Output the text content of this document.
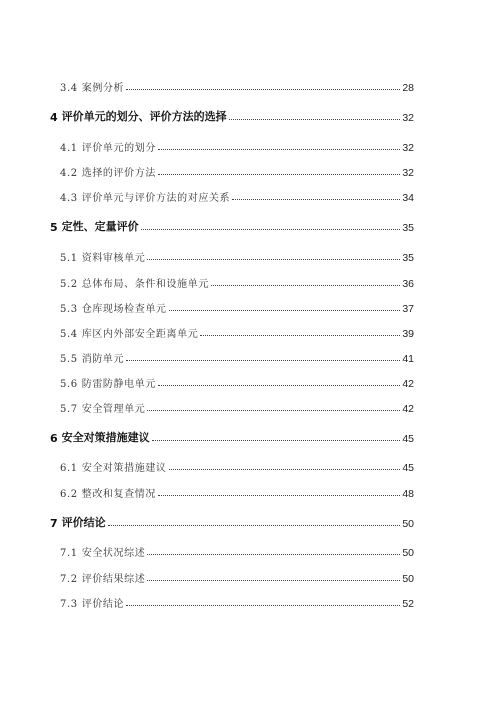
3.4 案例分析	28
4 评价单元的划分、评价方法的选择	32
4.1 评价单元的划分	32
4.2 选择的评价方法	32
4.3 评价单元与评价方法的对应关系	34
5 定性、定量评价	35
5.1 资料审核单元	35
5.2 总体布局、条件和设施单元	36
5.3 仓库现场检查单元	37
5.4 库区内外部安全距离单元	39
5.5 消防单元	41
5.6 防雷防静电单元	42
5.7 安全管理单元	42
6 安全对策措施建议	45
6.1 安全对策措施建议	45
6.2 整改和复查情况	48
7 评价结论	50
7.1 安全状况综述	50
7.2 评价结果综述	50
7.3 评价结论	52
